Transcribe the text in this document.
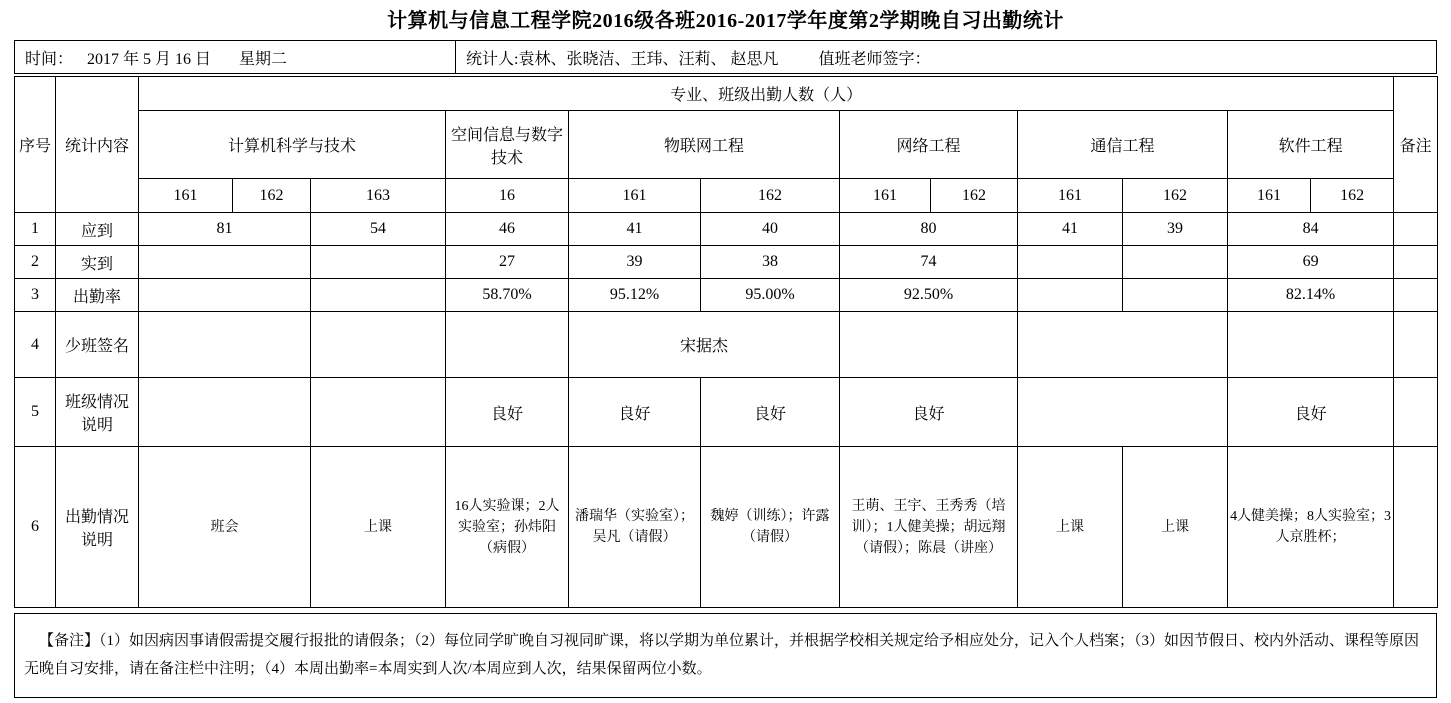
计算机与信息工程学院2016级各班2016-2017学年度第2学期晚自习出勤统计
时间： 2017 年 5 月 16 日 星期二	统计人:袁林、张晓洁、王玮、汪莉、 赵思凡	值班老师签字：
序号	统计内容	专业、班级出勤人数（人）												备注
		计算机科学与技术			空间信息与数字技术	物联网工程		网络工程		通信工程		软件工程		
		161	162	163	16	161	162	161	162	161	162	161	162	
1	应到	81		54	46	41	40	80		41	39	84		
2	实到				27	39	38	74				69		
3	出勤率				58.70%	95.12%	95.00%	92.50%				82.14%		
4	少班签名					宋据杰								
5	班级情况说明				良好	良好	良好	良好				良好		
6	出勤情况说明	班会		上课	16人实验课；2人实验室；孙炜阳（病假）	潘瑞华（实验室）；吴凡（请假）	魏婷（训练）；许露（请假）	王萌、王宇、王秀秀（培训）；1人健美操；胡远翔（请假）；陈晨（讲座）		上课	上课	4人健美操；8人实验室；3人京胜杯；		
【备注】（1）如因病因事请假需提交履行报批的请假条；（2）每位同学旷晚自习视同旷课，将以学期为单位累计，并根据学校相关规定给予相应处分，记入个人档案；（3）如因节假日、校内外活动、课程等原因无晚自习安排，请在备注栏中注明；（4）本周出勤率=本周实到人次/本周应到人次，结果保留两位小数。
